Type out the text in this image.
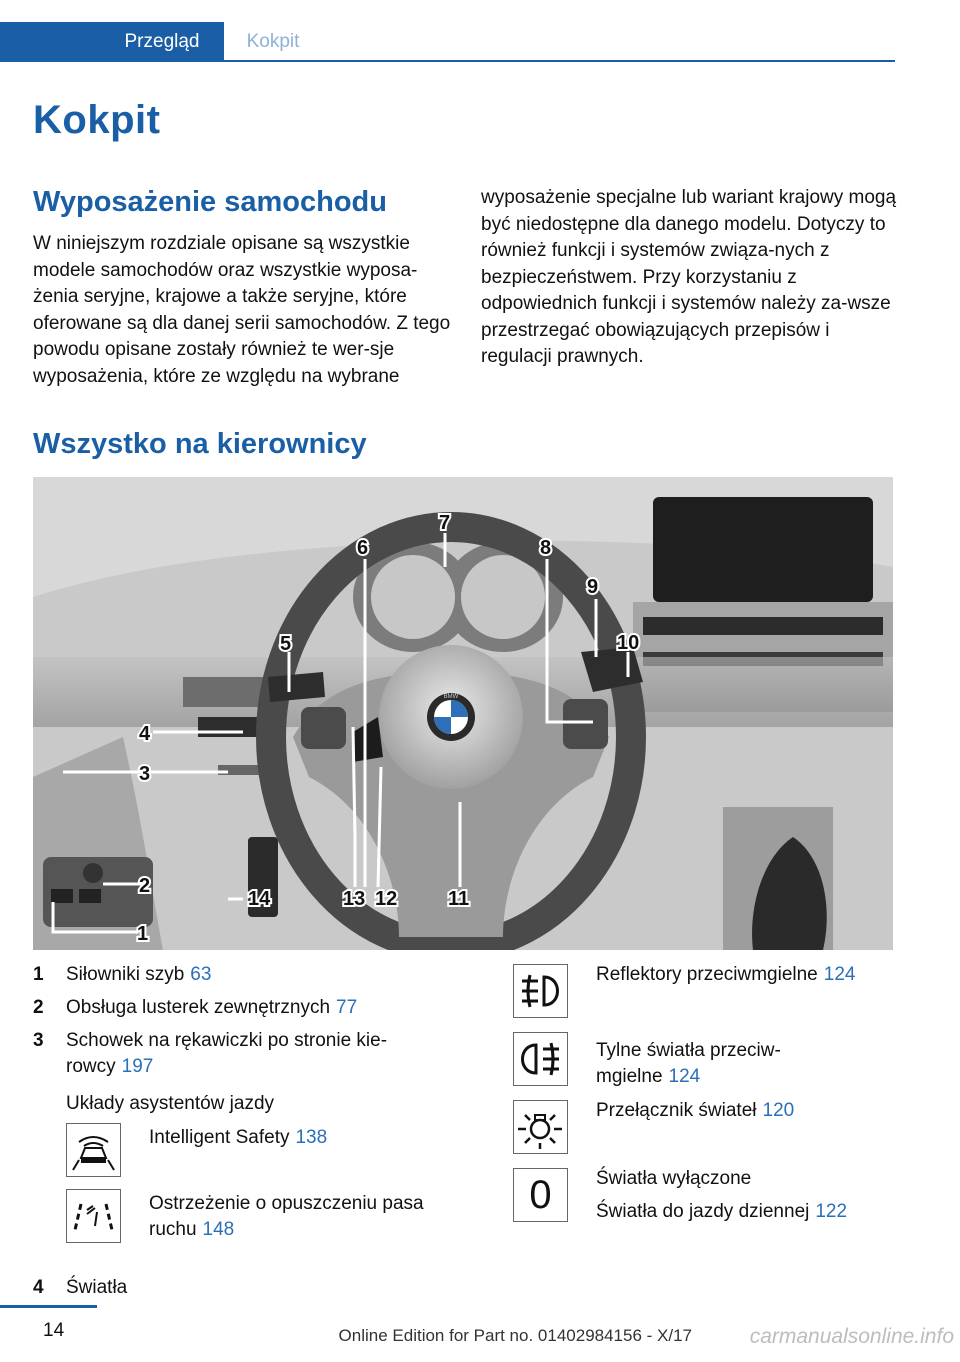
Przegląd	Kokpit
Kokpit
Wyposażenie samochodu

W niniejszym rozdziale opisane są wszystkie modele samochodów oraz wszystkie wyposa-żenia seryjne, krajowe a także seryjne, które oferowane są dla danej serii samochodów. Z tego powodu opisane zostały również te wer-sje wyposażenia, które ze względu na wybrane

wyposażenie specjalne lub wariant krajowy mogą być niedostępne dla danego modelu. Dotyczy to również funkcji i systemów związa-nych z bezpieczeństwem. Przy korzystaniu z odpowiednich funkcji i systemów należy za-wsze przestrzegać obowiązujących przepisów i regulacji prawnych.

Wszystko na kierownicy
BMW
1
2
3
4
5
6
7
8
9
10
11
12
13
14
1 Siłowniki szyb 63
2 Obsługa lusterek zewnętrznych 77
3 Schowek na rękawiczki po stronie kie-
rowcy 197
Układy asystentów jazdy
Intelligent Safety 138
Ostrzeżenie o opuszczeniu pasa
ruchu 148
4 Światła
Reflektory przeciwmgielne 124
Tylne światła przeciw-
mgielne 124
Przełącznik świateł 120
0	Światła wyłączone
Światła do jazdy dziennej 122
14	Online Edition for Part no. 01402984156 - X/17	carmanualsonline.info
